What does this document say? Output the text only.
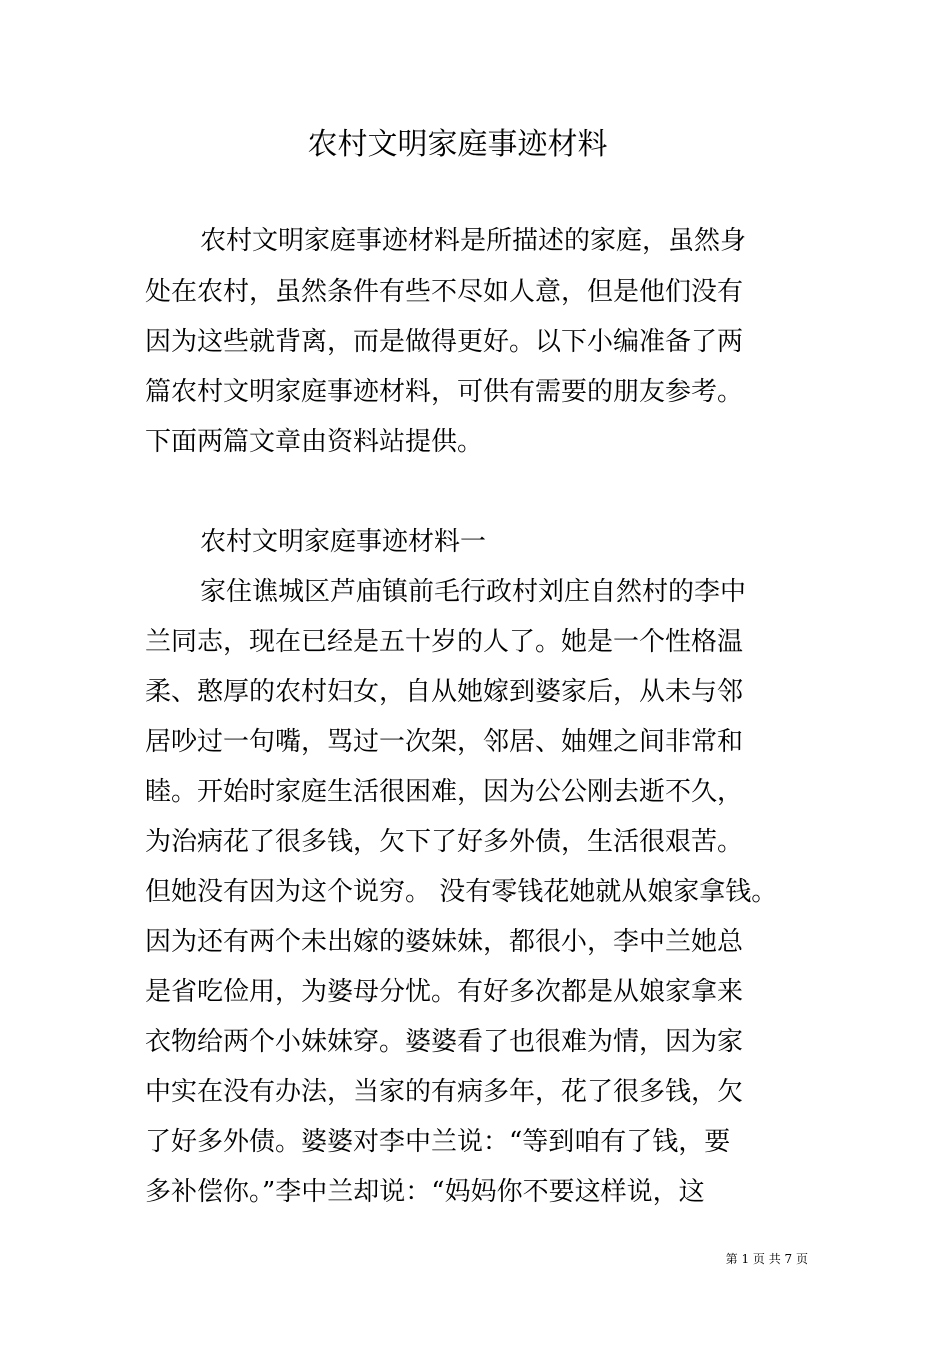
农村文明家庭事迹材料
农村文明家庭事迹材料是所描述的家庭，虽然身
处在农村，虽然条件有些不尽如人意，但是他们没有
因为这些就背离，而是做得更好。以下小编准备了两
篇农村文明家庭事迹材料，可供有需要的朋友参考。
下面两篇文章由资料站提供。
农村文明家庭事迹材料一
家住谯城区芦庙镇前毛行政村刘庄自然村的李中
兰同志，现在已经是五十岁的人了。她是一个性格温
柔、憨厚的农村妇女，自从她嫁到婆家后，从未与邻
居吵过一句嘴，骂过一次架，邻居、妯娌之间非常和
睦。开始时家庭生活很困难，因为公公刚去逝不久，
为治病花了很多钱，欠下了好多外债，生活很艰苦。
但她没有因为这个说穷。 没有零钱花她就从娘家拿钱。
因为还有两个未出嫁的婆妹妹，都很小，李中兰她总
是省吃俭用，为婆母分忧。有好多次都是从娘家拿来
衣物给两个小妹妹穿。婆婆看了也很难为情，因为家
中实在没有办法，当家的有病多年，花了很多钱，欠
了好多外债。婆婆对李中兰说：“等到咱有了钱，要
多补偿你。”李中兰却说：“妈妈你不要这样说，这
第 1 页 共 7 页
